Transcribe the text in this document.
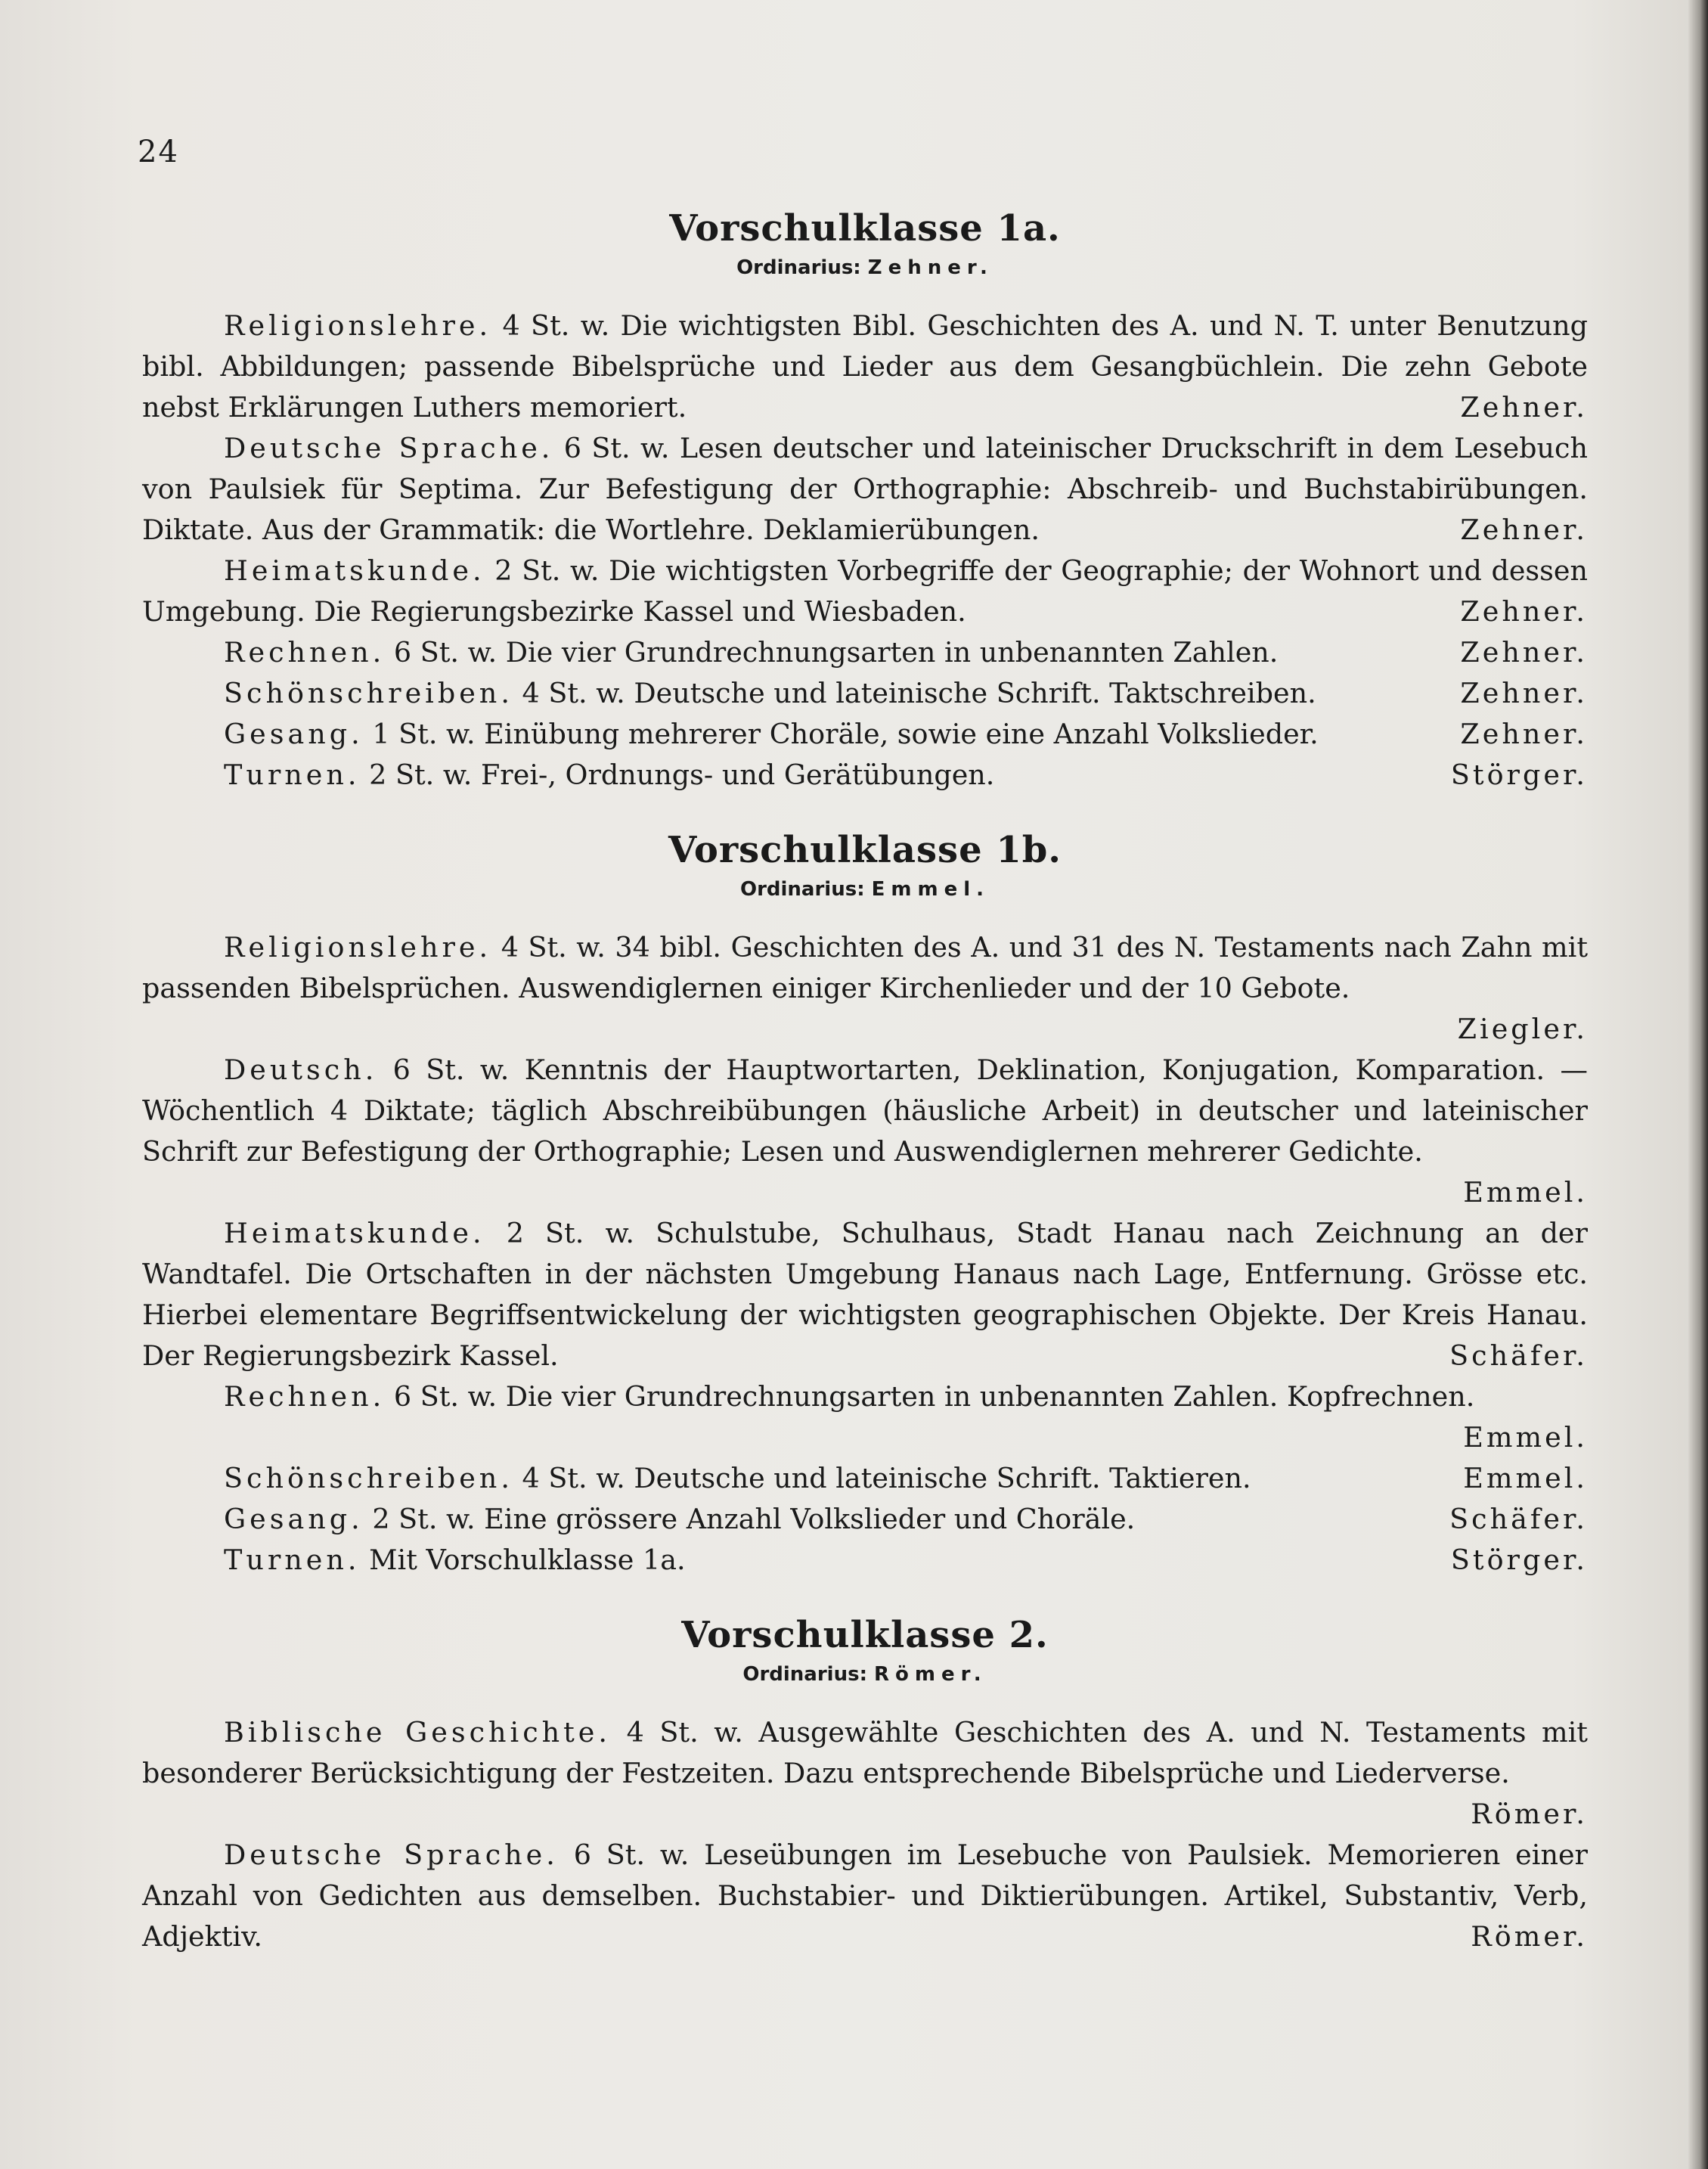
24
Vorschulklasse 1a.
Ordinarius: Zehner.

Religionslehre. 4 St. w. Die wichtigsten Bibl. Geschichten des A. und N. T. unter Benutzung bibl. Abbildungen; passende Bibelsprüche und Lieder aus dem Gesangbüchlein. Die zehn Gebote nebst Erklärungen Luthers memoriert.	Zehner.

Deutsche Sprache. 6 St. w. Lesen deutscher und lateinischer Druckschrift in dem Lesebuch von Paulsiek für Septima. Zur Befestigung der Orthographie: Abschreib- und Buchstabirübungen. Diktate. Aus der Grammatik: die Wortlehre. Deklamierübungen.	Zehner.

Heimatskunde. 2 St. w. Die wichtigsten Vorbegriffe der Geographie; der Wohnort und dessen Umgebung. Die Regierungsbezirke Kassel und Wiesbaden.	Zehner.

Rechnen. 6 St. w. Die vier Grundrechnungsarten in unbenannten Zahlen.	Zehner.

Schönschreiben. 4 St. w. Deutsche und lateinische Schrift. Taktschreiben.	Zehner.

Gesang. 1 St. w. Einübung mehrerer Choräle, sowie eine Anzahl Volkslieder.	Zehner.

Turnen. 2 St. w. Frei-, Ordnungs- und Gerätübungen.	Störger.

Vorschulklasse 1b.
Ordinarius: Emmel.

Religionslehre. 4 St. w. 34 bibl. Geschichten des A. und 31 des N. Testaments nach Zahn mit passenden Bibelsprüchen. Auswendiglernen einiger Kirchenlieder und der 10 Gebote.
Ziegler.

Deutsch. 6 St. w. Kenntnis der Hauptwortarten, Deklination, Konjugation, Komparation. — Wöchentlich 4 Diktate; täglich Abschreibübungen (häusliche Arbeit) in deutscher und lateinischer Schrift zur Befestigung der Orthographie; Lesen und Auswendiglernen mehrerer Gedichte.
Emmel.

Heimatskunde. 2 St. w. Schulstube, Schulhaus, Stadt Hanau nach Zeichnung an der Wandtafel. Die Ortschaften in der nächsten Umgebung Hanaus nach Lage, Entfernung. Grösse etc. Hierbei elementare Begriffsentwickelung der wichtigsten geographischen Objekte. Der Kreis Hanau. Der Regierungsbezirk Kassel.	Schäfer.

Rechnen. 6 St. w. Die vier Grundrechnungsarten in unbenannten Zahlen. Kopfrechnen.
Emmel.

Schönschreiben. 4 St. w. Deutsche und lateinische Schrift. Taktieren.	Emmel.

Gesang. 2 St. w. Eine grössere Anzahl Volkslieder und Choräle.	Schäfer.

Turnen. Mit Vorschulklasse 1a.	Störger.

Vorschulklasse 2.
Ordinarius: Römer.

Biblische Geschichte. 4 St. w. Ausgewählte Geschichten des A. und N. Testaments mit besonderer Berücksichtigung der Festzeiten. Dazu entsprechende Bibelsprüche und Liederverse.
Römer.

Deutsche Sprache. 6 St. w. Leseübungen im Lesebuche von Paulsiek. Memorieren einer Anzahl von Gedichten aus demselben. Buchstabier- und Diktierübungen. Artikel, Substantiv, Verb, Adjektiv.	Römer.
